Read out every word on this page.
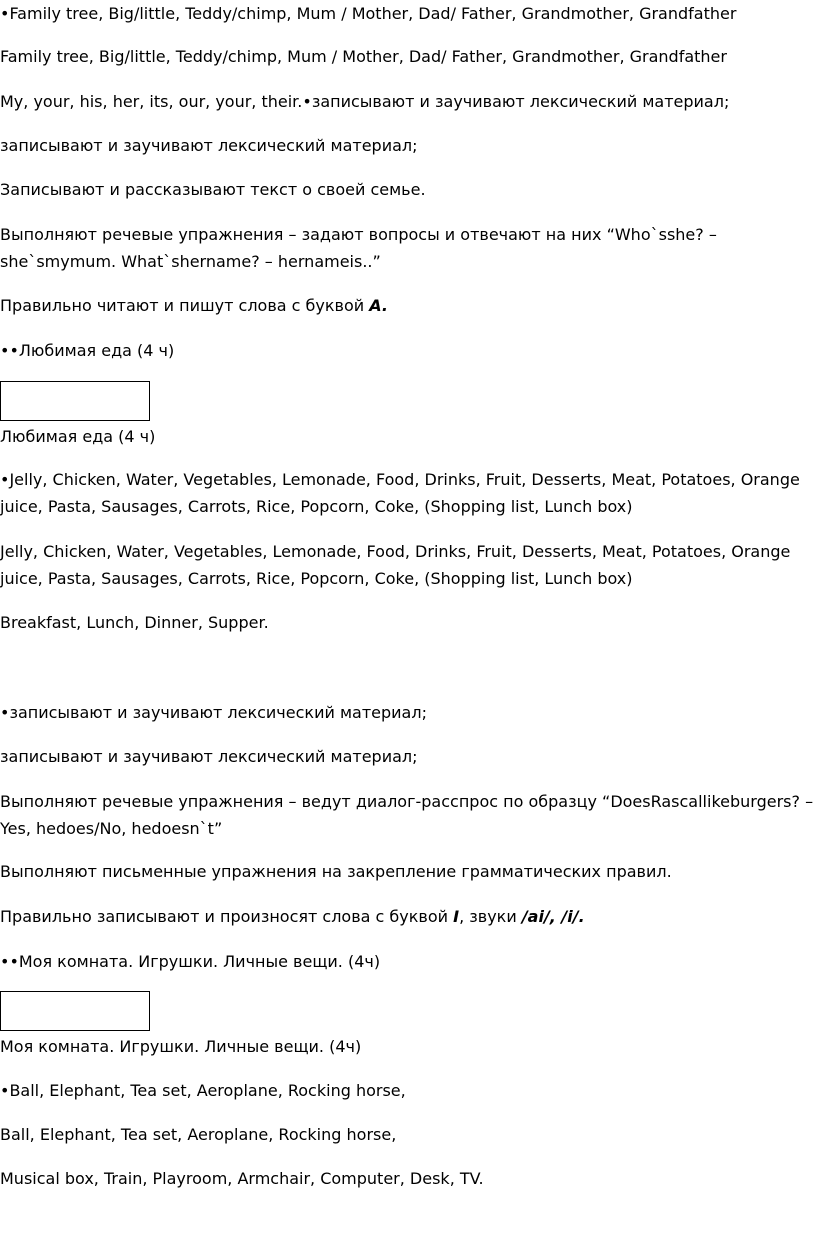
•Family tree, Big/little, Teddy/chimp, Mum / Mother, Dad/ Father, Grandmother, Grandfather
Family tree, Big/little, Teddy/chimp, Mum / Mother, Dad/ Father, Grandmother, Grandfather
My, your, his, her, its, our, your, their.•записывают и заучивают лексический материал;
записывают и заучивают лексический материал;
Записывают и рассказывают текст о своей семье.
Выполняют речевые упражнения – задают вопросы и отвечают на них “Who`sshe? – she`smymum. What`shername? – hernameis..”
Правильно читают и пишут слова с буквой A.
••Любимая еда (4 ч)
Любимая еда (4 ч)
•Jelly, Chicken, Water, Vegetables, Lemonade, Food, Drinks, Fruit, Desserts, Meat, Potatoes, Orange juice, Pasta, Sausages, Carrots, Rice, Popcorn, Coke, (Shopping list, Lunch box)
Jelly, Chicken, Water, Vegetables, Lemonade, Food, Drinks, Fruit, Desserts, Meat, Potatoes, Orange juice, Pasta, Sausages, Carrots, Rice, Popcorn, Coke, (Shopping list, Lunch box)
Breakfast, Lunch, Dinner, Supper.
•записывают и заучивают лексический материал;
записывают и заучивают лексический материал;
Выполняют речевые упражнения – ведут диалог-расспрос по образцу “DoesRascallikeburgers? – Yes, hedoes/No, hedoesn`t”
Выполняют письменные упражнения на закрепление грамматических правил.
Правильно записывают и произносят слова с буквой I, звуки /ai/, /i/.
••Моя комната. Игрушки. Личные вещи. (4ч)
Моя комната. Игрушки. Личные вещи. (4ч)
•Ball, Elephant, Tea set, Aeroplane, Rocking horse,
Ball, Elephant, Tea set, Aeroplane, Rocking horse,
Musical box, Train, Playroom, Armchair, Computer, Desk, TV.
